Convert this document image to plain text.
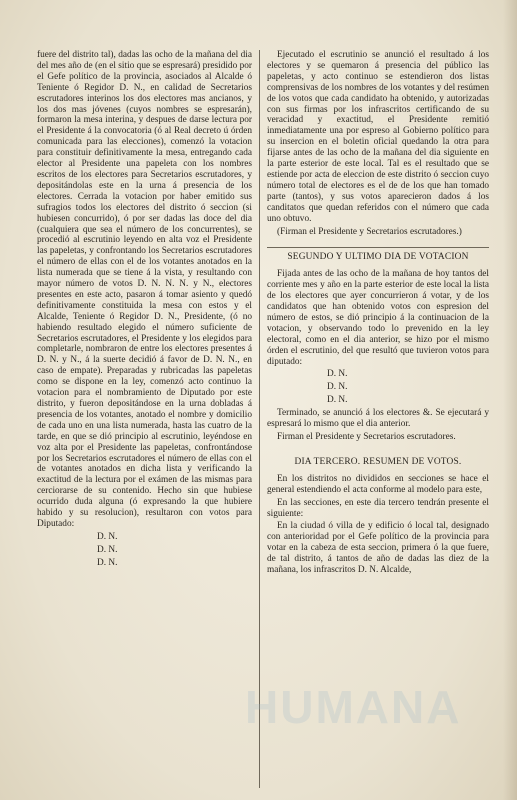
fuere del distrito tal), dadas las ocho de la mañana del dia del mes año de (en el sitio que se espresará) presidido por el Gefe político de la provincia, asociados al Alcalde ó Teniente ó Regidor D. N., en calidad de Secretarios escrutadores interinos los dos electores mas ancianos, y los dos mas jóvenes (cuyos nombres se espresarán), formaron la mesa interina, y despues de darse lectura por el Presidente á la convocatoria (ó al Real decreto ú órden comunicada para las elecciones), comenzó la votacion para constituir definitivamente la mesa, entregando cada elector al Presidente una papeleta con los nombres escritos de los electores para Secretarios escrutadores, y depositándolas este en la urna á presencia de los electores. Cerrada la votacion por haber emitido sus sufragios todos los electores del distrito ó seccion (si hubiesen concurrido), ó por ser dadas las doce del dia (cualquiera que sea el número de los concurrentes), se procedió al escrutinio leyendo en alta voz el Presidente las papeletas, y confrontando los Secretarios escrutadores el número de ellas con el de los votantes anotados en la lista numerada que se tiene á la vista, y resultando con mayor número de votos D. N. N. N. y N., electores presentes en este acto, pasaron á tomar asiento y quedó definitivamente constituida la mesa con estos y el Alcalde, Teniente ó Regidor D. N., Presidente, (ó no habiendo resultado elegido el número suficiente de Secretarios escrutadores, el Presidente y los elegidos para completarle, nombraron de entre los electores presentes á D. N. y N., á la suerte decidió á favor de D. N. N., en caso de empate). Preparadas y rubricadas las papeletas como se dispone en la ley, comenzó acto continuo la votacion para el nombramiento de Diputado por este distrito, y fueron depositándose en la urna dobladas á presencia de los votantes, anotado el nombre y domicilio de cada uno en una lista numerada, hasta las cuatro de la tarde, en que se dió principio al escrutinio, leyéndose en voz alta por el Presidente las papeletas, confrontándose por los Secretarios escrutadores el número de ellas con el de votantes anotados en dicha lista y verificando la exactitud de la lectura por el exámen de las mismas para cerciorarse de su contenido. Hecho sin que hubiese ocurrido duda alguna (ó expresando la que hubiere habido y su resolucion), resultaron con votos para Diputado:

D. N.

D. N.

D. N.

Ejecutado el escrutinio se anunció el resultado á los electores y se quemaron á presencia del público las papeletas, y acto continuo se estendieron dos listas comprensivas de los nombres de los votantes y del resúmen de los votos que cada candidato ha obtenido, y autorizadas con sus firmas por los infrascritos certificando de su veracidad y exactitud, el Presidente remitió inmediatamente una por espreso al Gobierno político para su insercion en el boletin oficial quedando la otra para fijarse antes de las ocho de la mañana del dia siguiente en la parte esterior de este local. Tal es el resultado que se estiende por acta de eleccion de este distrito ó seccion cuyo número total de electores es el de de los que han tomado parte (tantos), y sus votos aparecieron dados á los canditatos que quedan referidos con el número que cada uno obtuvo.

(Firman el Presidente y Secretarios escrutadores.)

SEGUNDO Y ULTIMO DIA DE VOTACION

Fijada antes de las ocho de la mañana de hoy tantos del corriente mes y año en la parte esterior de este local la lista de los electores que ayer concurrieron á votar, y de los candidatos que han obtenido votos con espresion del número de estos, se dió principio á la continuacion de la votacion, y observando todo lo prevenido en la ley electoral, como en el dia anterior, se hizo por el mismo órden el escrutinio, del que resultó que tuvieron votos para diputado:

D. N.

D. N.

D. N.

Terminado, se anunció á los electores &. Se ejecutará y espresará lo mismo que el dia anterior.

Firman el Presidente y Secretarios escrutadores.

DIA TERCERO. RESUMEN DE VOTOS.

En los distritos no divididos en secciones se hace el general estendiendo el acta conforme al modelo para este,

En las secciones, en este dia tercero tendrán presente el siguiente:

En la ciudad ó villa de y edificio ó local tal, designado con anterioridad por el Gefe político de la provincia para votar en la cabeza de esta seccion, primera ó la que fuere, de tal distrito, á tantos de año de dadas las diez de la mañana, los infrascritos D. N. Alcalde,

HUMANA
